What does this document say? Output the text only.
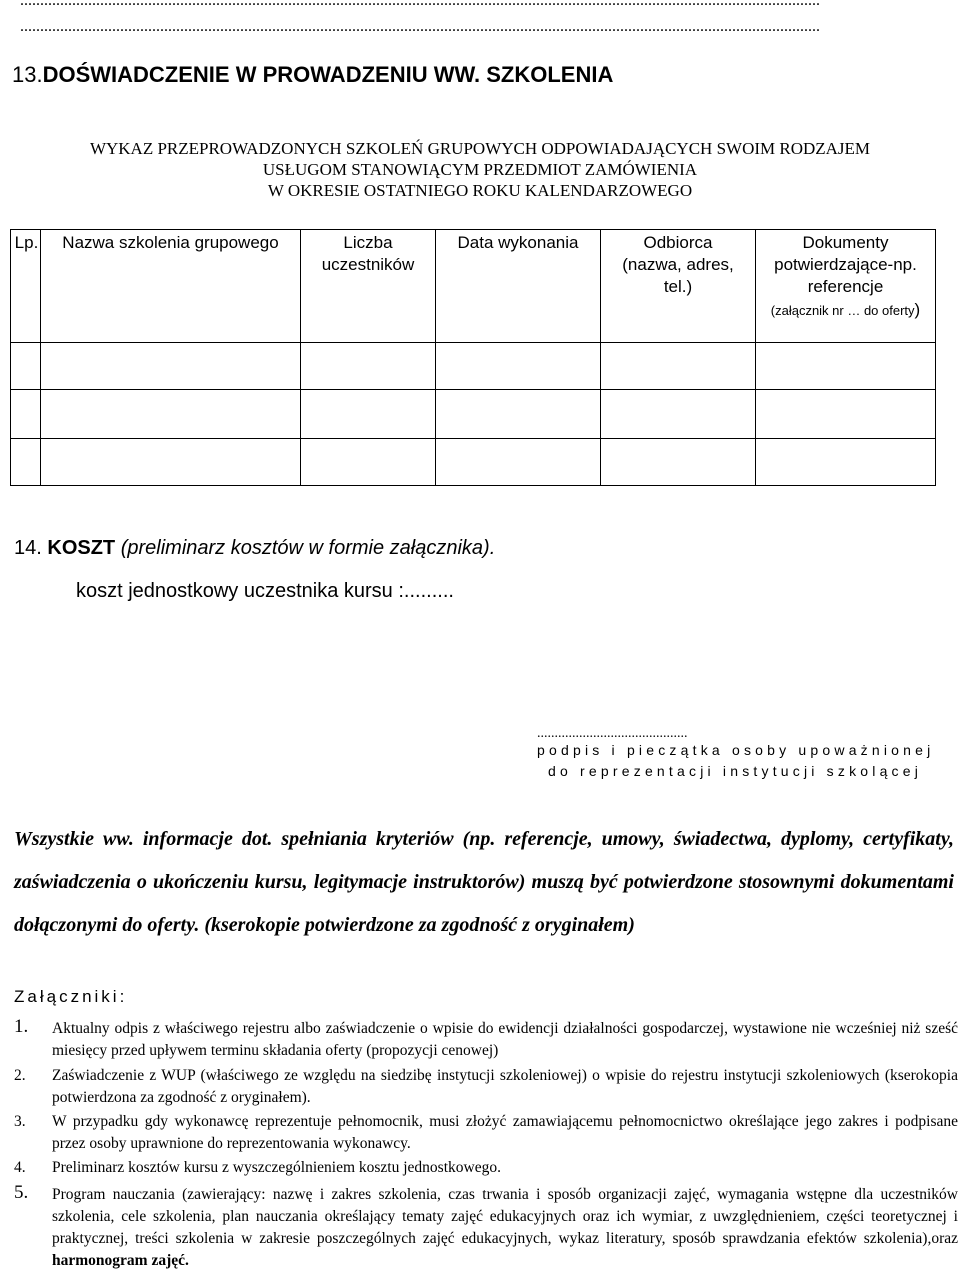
........................................................................................................................................................................................................
........................................................................................................................................................................................................
13.DOŚWIADCZENIE W PROWADZENIU WW. SZKOLENIA
WYKAZ PRZEPROWADZONYCH SZKOLEŃ GRUPOWYCH ODPOWIADAJĄCYCH SWOIM RODZAJEM
USŁUGOM STANOWIĄCYM PRZEDMIOT ZAMÓWIENIA
W OKRESIE OSTATNIEGO ROKU KALENDARZOWEGO
Lp.	Nazwa szkolenia grupowego	Liczba uczestników	Data wykonania	Odbiorca (nazwa, adres, tel.)	Dokumenty potwierdzające-np. referencje
(załącznik nr … do oferty)

14. KOSZT (preliminarz kosztów w formie załącznika).
koszt jednostkowy uczestnika kursu :.........
...........................................
podpis i pieczątka osoby upoważnionej
do reprezentacji instytucji szkolącej
Wszystkie ww. informacje dot. spełniania kryteriów (np. referencje, umowy, świadectwa, dyplomy, certyfikaty, zaświadczenia o ukończeniu kursu, legitymacje instruktorów) muszą być potwierdzone stosownymi dokumentami dołączonymi do oferty. (kserokopie potwierdzone za zgodność z oryginałem)
Załączniki:
1. Aktualny odpis z właściwego rejestru albo zaświadczenie o wpisie do ewidencji działalności gospodarczej, wystawione nie wcześniej niż sześć miesięcy przed upływem terminu składania oferty (propozycji cenowej)
2. Zaświadczenie z WUP (właściwego ze względu na siedzibę instytucji szkoleniowej) o wpisie do rejestru instytucji szkoleniowych (kserokopia potwierdzona za zgodność z oryginałem).
3. W przypadku gdy wykonawcę reprezentuje pełnomocnik, musi złożyć zamawiającemu pełnomocnictwo określające jego zakres i podpisane przez osoby uprawnione do reprezentowania wykonawcy.
4. Preliminarz kosztów kursu z wyszczególnieniem kosztu jednostkowego.
5. Program nauczania (zawierający: nazwę i zakres szkolenia, czas trwania i sposób organizacji zajęć, wymagania wstępne dla uczestników szkolenia, cele szkolenia, plan nauczania określający tematy zajęć edukacyjnych oraz ich wymiar, z uwzględnieniem, części teoretycznej i praktycznej, treści szkolenia w zakresie poszczególnych zajęć edukacyjnych, wykaz literatury, sposób sprawdzania efektów szkolenia),oraz harmonogram zajęć.
